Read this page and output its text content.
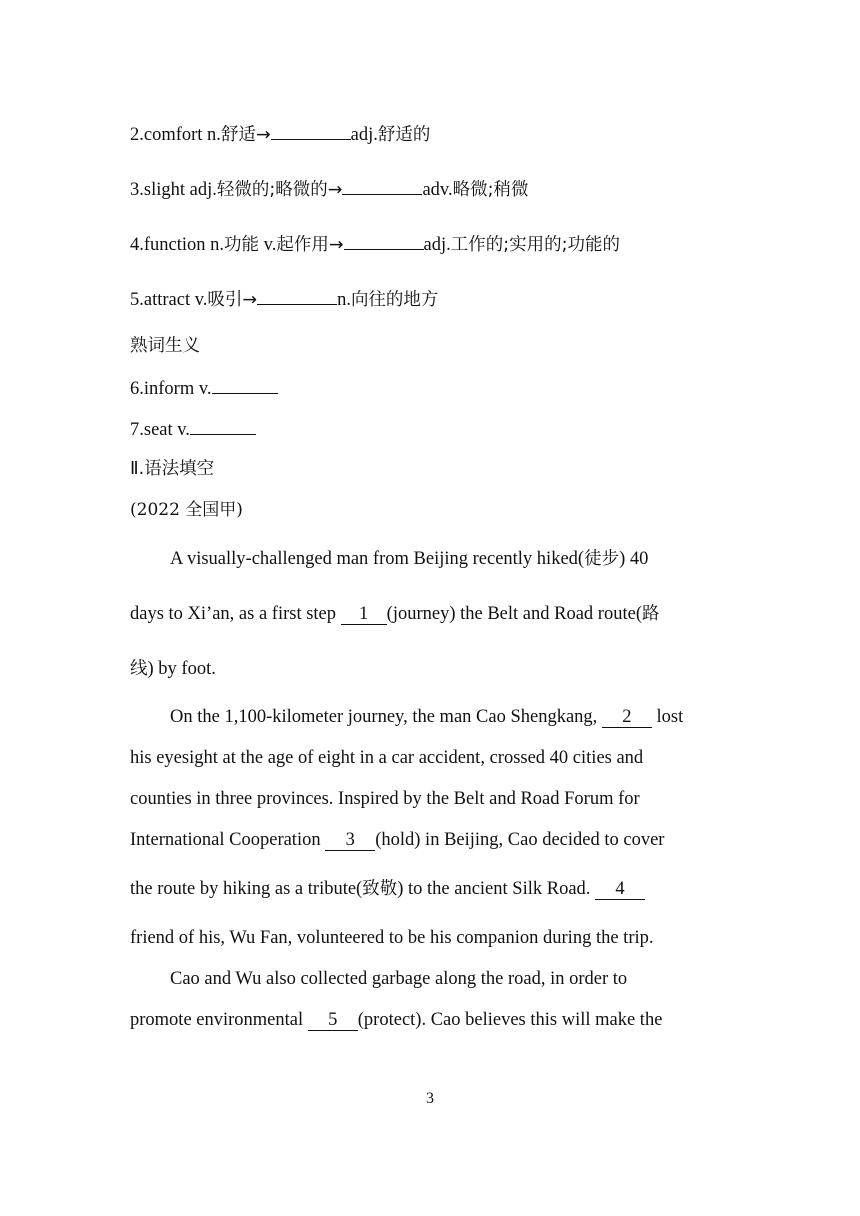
2.comfort n.舒适→	adj.舒适的
3.slight adj.轻微的;略微的→	adv.略微;稍微
4.function n.功能 v.起作用→	adj.工作的;实用的;功能的
5.attract v.吸引→	n.向往的地方
熟词生义
6.inform v.
7.seat v.
Ⅱ.语法填空
(2022 全国甲)
A visually-challenged man from Beijing recently hiked(徒步) 40
days to Xi’an, as a first step 1 (journey) the Belt and Road route(路
线) by foot.
On the 1,100-kilometer journey, the man Cao Shengkang, 2 lost
his eyesight at the age of eight in a car accident, crossed 40 cities and
counties in three provinces. Inspired by the Belt and Road Forum for
International Cooperation 3 (hold) in Beijing, Cao decided to cover
the route by hiking as a tribute(致敬) to the ancient Silk Road. 4
friend of his, Wu Fan, volunteered to be his companion during the trip.
Cao and Wu also collected garbage along the road, in order to
promote environmental 5 (protect). Cao believes this will make the
3
